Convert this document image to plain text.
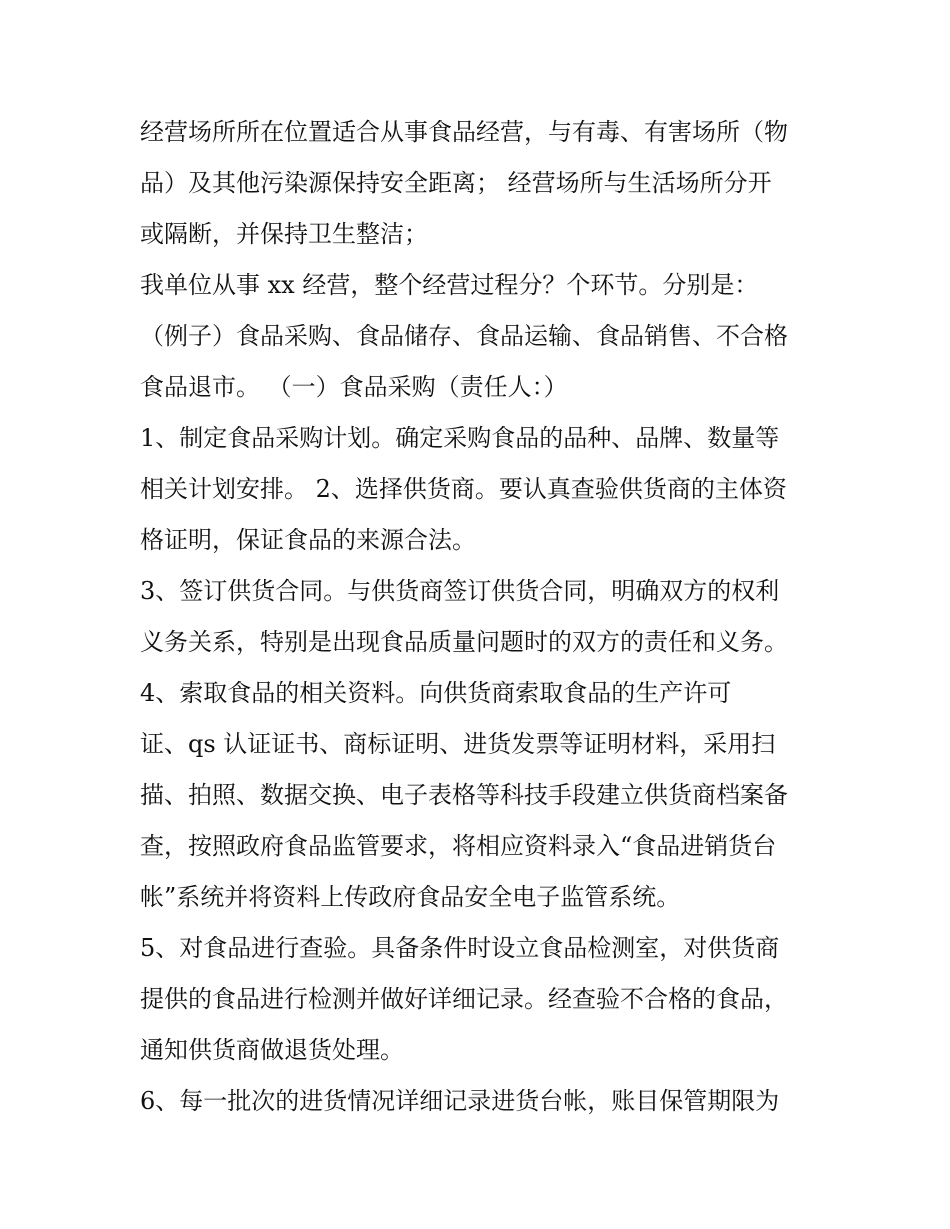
经营场所所在位置适合从事食品经营，与有毒、有害场所（物
品）及其他污染源保持安全距离； 经营场所与生活场所分开
或隔断，并保持卫生整洁；
我单位从事 xx 经营，整个经营过程分？个环节。分别是：
（例子）食品采购、食品储存、食品运输、食品销售、不合格
食品退市。 （一）食品采购（责任人：）
1、制定食品采购计划。确定采购食品的品种、品牌、数量等
相关计划安排。 2、选择供货商。要认真查验供货商的主体资
格证明，保证食品的来源合法。
3、签订供货合同。与供货商签订供货合同，明确双方的权利
义务关系，特别是出现食品质量问题时的双方的责任和义务。
4、索取食品的相关资料。向供货商索取食品的生产许可
证、qs 认证证书、商标证明、进货发票等证明材料，采用扫
描、拍照、数据交换、电子表格等科技手段建立供货商档案备
查，按照政府食品监管要求，将相应资料录入“食品进销货台
帐”系统并将资料上传政府食品安全电子监管系统。
5、对食品进行查验。具备条件时设立食品检测室，对供货商
提供的食品进行检测并做好详细记录。经查验不合格的食品，
通知供货商做退货处理。
6、每一批次的进货情况详细记录进货台帐，账目保管期限为
